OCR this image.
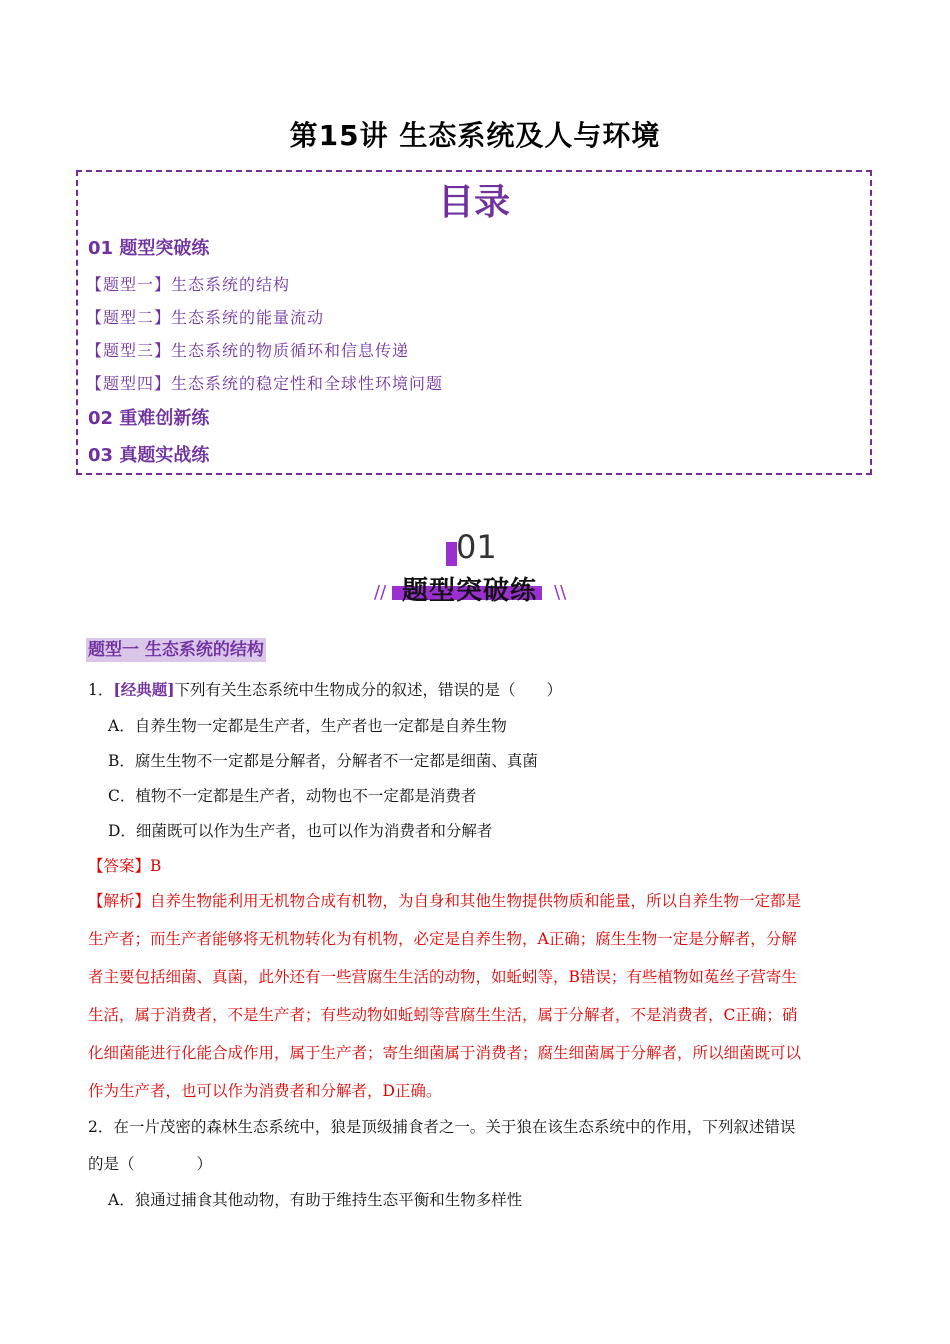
第15讲 生态系统及人与环境
目录
01 题型突破练
【题型一】生态系统的结构
【题型二】生态系统的能量流动
【题型三】生态系统的物质循环和信息传递
【题型四】生态系统的稳定性和全球性环境问题
02 重难创新练
03 真题实战练
01
题型突破练
//	\\
题型一 生态系统的结构
1．[经典题]下列有关生态系统中生物成分的叙述，错误的是（　　）
A．自养生物一定都是生产者，生产者也一定都是自养生物
B．腐生生物不一定都是分解者，分解者不一定都是细菌、真菌
C．植物不一定都是生产者，动物也不一定都是消费者
D．细菌既可以作为生产者，也可以作为消费者和分解者
【答案】B
【解析】自养生物能利用无机物合成有机物，为自身和其他生物提供物质和能量，所以自养生物一定都是
生产者；而生产者能够将无机物转化为有机物，必定是自养生物，A正确；腐生生物一定是分解者，分解
者主要包括细菌、真菌，此外还有一些营腐生生活的动物，如蚯蚓等，B错误；有些植物如菟丝子营寄生
生活，属于消费者，不是生产者；有些动物如蚯蚓等营腐生生活，属于分解者，不是消费者，C正确；硝
化细菌能进行化能合成作用，属于生产者；寄生细菌属于消费者；腐生细菌属于分解者，所以细菌既可以
作为生产者，也可以作为消费者和分解者，D正确。
2．在一片茂密的森林生态系统中，狼是顶级捕食者之一。关于狼在该生态系统中的作用，下列叙述错误
的是（　　　　）
A．狼通过捕食其他动物，有助于维持生态平衡和生物多样性
